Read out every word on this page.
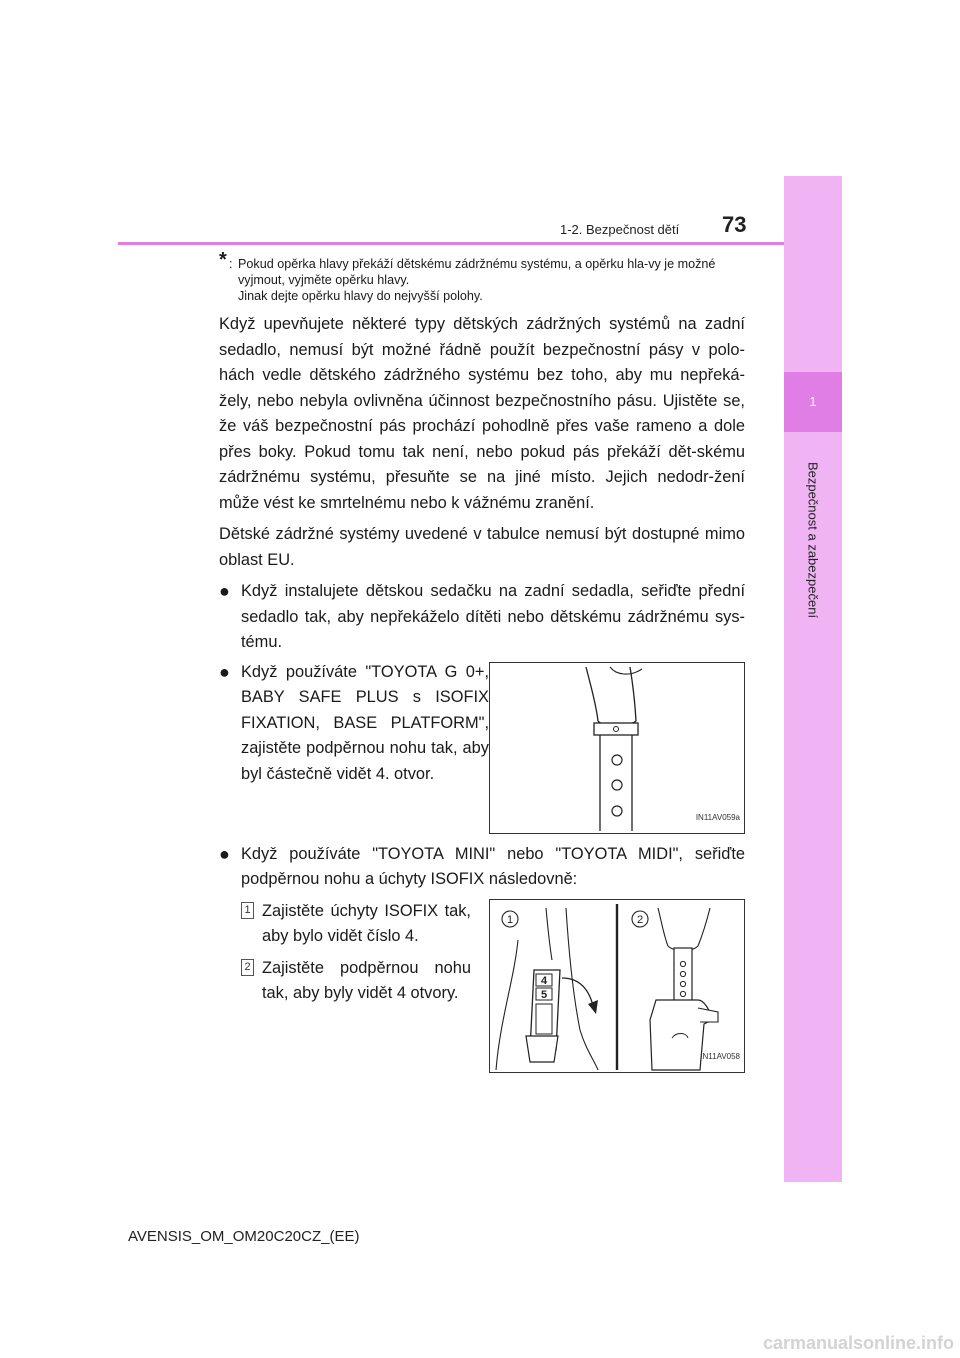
1
Bezpečnost a zabezpečení
1-2. Bezpečnost dětí 73
* : Pokud opěrka hlavy překáží dětskému zádržnému systému, a opěrku hla-vy je možné vyjmout, vyjměte opěrku hlavy.
Jinak dejte opěrku hlavy do nejvyšší polohy.

Když upevňujete některé typy dětských zádržných systémů na zadní sedadlo, nemusí být možné řádně použít bezpečnostní pásy v polo-hách vedle dětského zádržného systému bez toho, aby mu nepřeká-žely, nebo nebyla ovlivněna účinnost bezpečnostního pásu. Ujistěte se, že váš bezpečnostní pás prochází pohodlně přes vaše rameno a dole přes boky. Pokud tomu tak není, nebo pokud pás překáží dět-skému zádržnému systému, přesuňte se na jiné místo. Jejich nedodr-žení může vést ke smrtelnému nebo k vážnému zranění.

Dětské zádržné systémy uvedené v tabulce nemusí být dostupné mimo oblast EU.

● Když instalujete dětskou sedačku na zadní sedadla, seřiďte přední sedadlo tak, aby nepřekáželo dítěti nebo dětskému zádržnému sys-tému.
● Když používáte "TOYOTA G 0+, BABY SAFE PLUS s ISOFIX FIXATION, BASE PLATFORM", zajistěte podpěrnou nohu tak, aby byl částečně vidět 4. otvor.
IN11AV059a
● Když používáte "TOYOTA MINI" nebo "TOYOTA MIDI", seřiďte podpěrnou nohu a úchyty ISOFIX následovně:
1 Zajistěte úchyty ISOFIX tak, aby bylo vidět číslo 4.
2 Zajistěte podpěrnou nohu tak, aby byly vidět 4 otvory.
1	2
4
5
IN11AV058
AVENSIS_OM_OM20C20CZ_(EE)
carmanualsonline.info
